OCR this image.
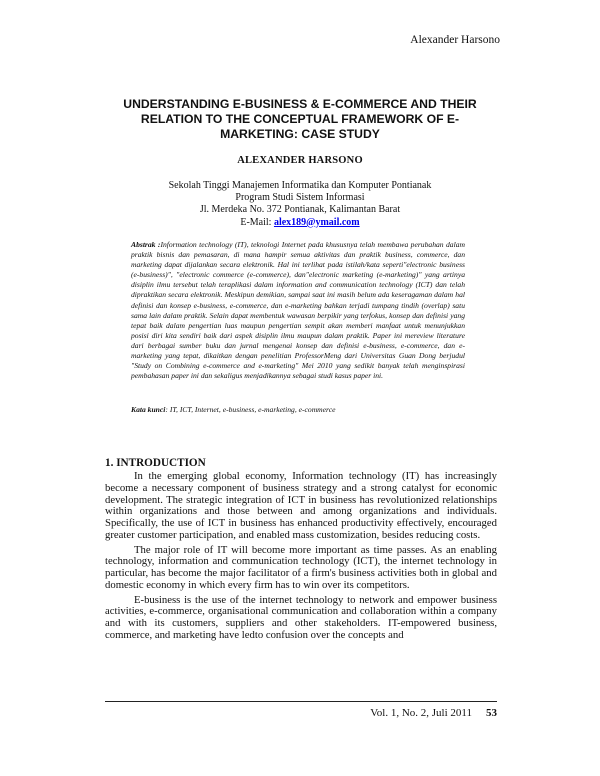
Alexander Harsono
UNDERSTANDING E-BUSINESS & E-COMMERCE AND THEIR RELATION TO THE CONCEPTUAL FRAMEWORK OF E-MARKETING: CASE STUDY
ALEXANDER HARSONO
Sekolah Tinggi Manajemen Informatika dan Komputer Pontianak
Program Studi Sistem Informasi
Jl. Merdeka No. 372 Pontianak, Kalimantan Barat
E-Mail: alex189@ymail.com
Abstrak :Information technology (IT), teknologi Internet pada khususnya telah membawa perubahan dalam praktik bisnis dan pemasaran, di mana hampir semua aktivitas dan praktik business, commerce, dan marketing dapat dijalankan secara elektronik. Hal ini terlihat pada istilah/kata seperti"electronic business (e-business)", "electronic commerce (e-commerce), dan"electronic marketing (e-marketing)" yang artinya disiplin ilmu tersebut telah teraplikasi dalam information and communication technology (ICT) dan telah dipraktikan secara elektronik. Meskipun demikian, sampai saat ini masih belum ada keseragaman dalam hal definisi dan konsep e-business, e-commerce, dan e-marketing bahkan terjadi tumpang tindih (overlap) satu sama lain dalam praktik. Selain dapat membentuk wawasan berpikir yang terfokus, konsep dan definisi yang tepat baik dalam pengertian luas maupun pengertian sempit akan memberi manfaat untuk menunjukkan posisi diri kita sendiri baik dari aspek disiplin ilmu maupun dalam praktik. Paper ini mereview literature dari berbagai sumber buku dan jurnal mengenai konsep dan definisi e-business, e-commerce, dan e-marketing yang tepat, dikaitkan dengan penelitian ProfessorMeng dari Universitas Guan Dong berjudul "Study on Combining e-commerce and e-marketing" Mei 2010 yang sedikit banyak telah menginspirasi pembahasan paper ini dan sekaligus menjadikannya sebagai studi kasus paper ini.
Kata kunci: IT, ICT, Internet, e-business, e-marketing, e-commerce
1. INTRODUCTION

In the emerging global economy, Information technology (IT) has increasingly become a necessary component of business strategy and a strong catalyst for economic development. The strategic integration of ICT in business has revolutionized relationships within organizations and those between and among organizations and individuals. Specifically, the use of ICT in business has enhanced productivity effectively, encouraged greater customer participation, and enabled mass customization, besides reducing costs.

The major role of IT will become more important as time passes. As an enabling technology, information and communication technology (ICT), the internet technology in particular, has become the major facilitator of a firm's business activities both in global and domestic economy in which every firm has to win over its competitors.

E-business is the use of the internet technology to network and empower business activities, e-commerce, organisational communication and collaboration within a company and with its customers, suppliers and other stakeholders. IT-empowered business, commerce, and marketing have ledto confusion over the concepts and

Vol. 1, No. 2, Juli 2011 53
